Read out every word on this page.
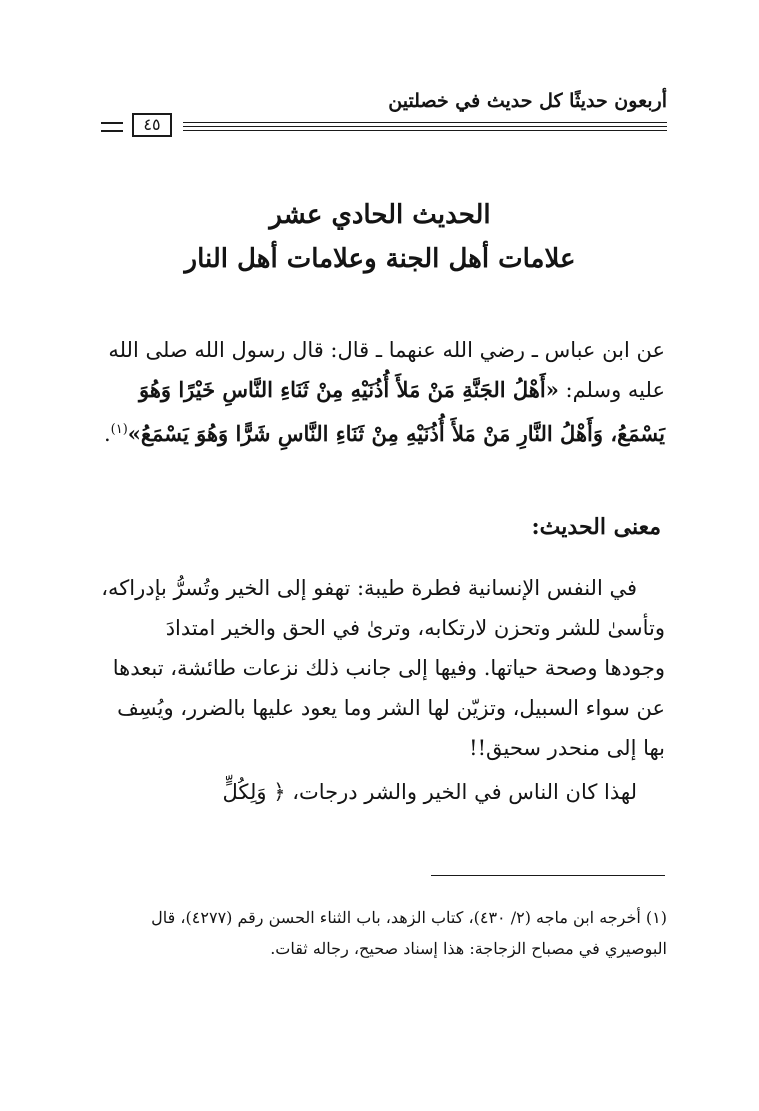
أربعون حديثًا كل حديث في خصلتين
٤٥
الحديث الحادي عشر
علامات أهل الجنة وعلامات أهل النار
عن ابن عباس ـ رضي الله عنهما ـ قال: قال رسول الله صلى الله عليه وسلم: «أَهْلُ الجَنَّةِ مَنْ مَلأَ أُذُنَيْهِ مِنْ ثَنَاءِ النَّاسِ خَيْرًا وَهُوَ يَسْمَعُ، وَأَهْلُ النَّارِ مَنْ مَلأَ أُذُنَيْهِ مِنْ ثَنَاءِ النَّاسِ شَرًّا وَهُوَ يَسْمَعُ»$^{(١)}$.
معنى الحديث:

في النفس الإنسانية فطرة طيبة: تهفو إلى الخير وتُسرُّ بإدراكه، وتأسىٰ للشر وتحزن لارتكابه، وترىٰ في الحق والخير امتدادَ وجودها وصحة حياتها. وفيها إلى جانب ذلك نزعات طائشة، تبعدها عن سواء السبيل، وتزيّن لها الشر وما يعود عليها بالضرر، ويُسِف بها إلى منحدر سحيق!!

لهذا كان الناس في الخير والشر درجات، ﴿ وَلِكُلٍّ

(١) أخرجه ابن ماجه (٢/ ٤٣٠)، كتاب الزهد، باب الثناء الحسن رقم (٤٢٧٧)، قال البوصيري في مصباح الزجاجة: هذا إسناد صحيح، رجاله ثقات.
